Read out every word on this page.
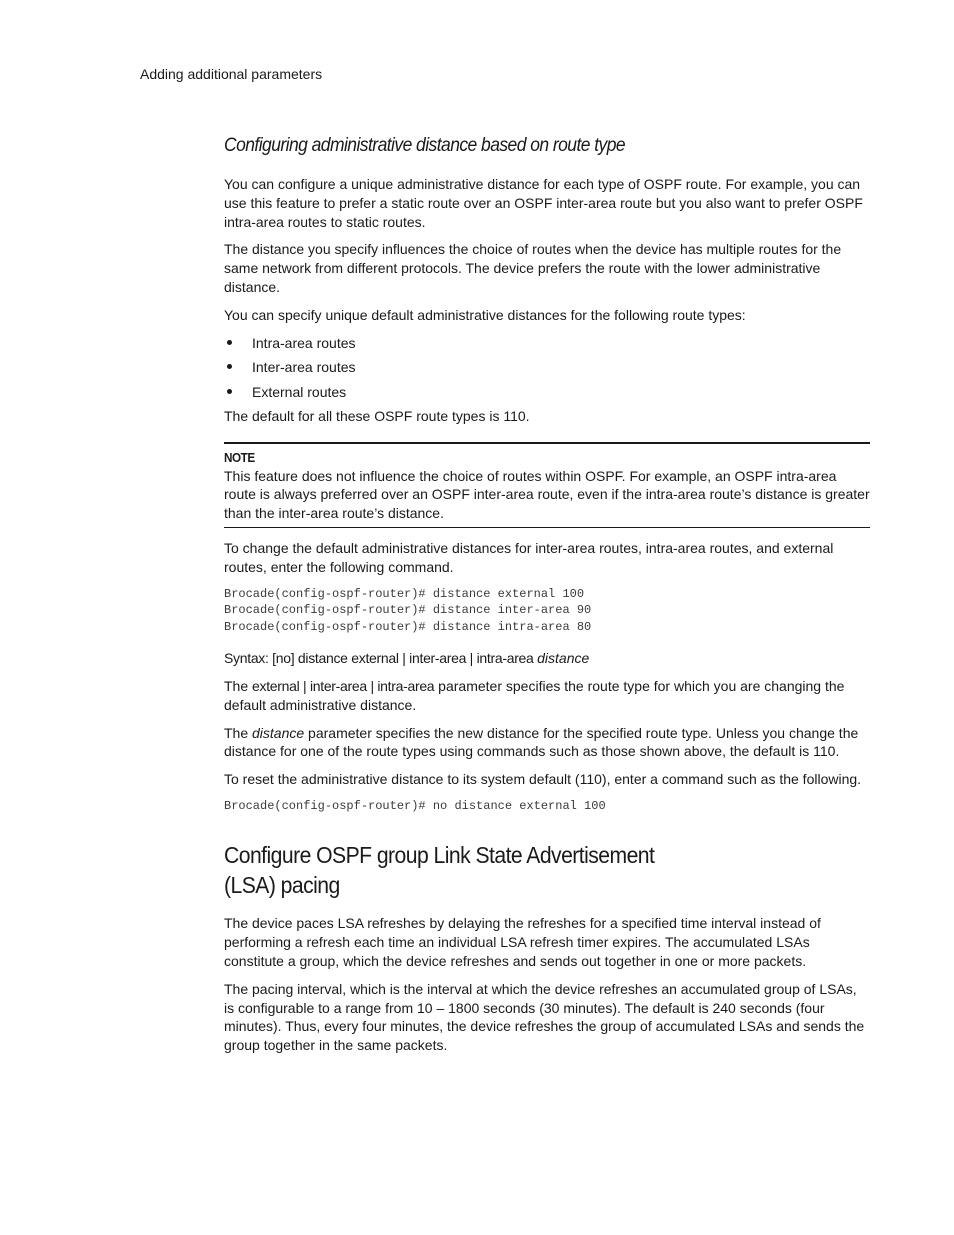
Adding additional parameters
Configuring administrative distance based on route type

You can configure a unique administrative distance for each type of OSPF route. For example, you can use this feature to prefer a static route over an OSPF inter-area route but you also want to prefer OSPF intra-area routes to static routes.

The distance you specify influences the choice of routes when the device has multiple routes for the same network from different protocols. The device prefers the route with the lower administrative distance.

You can specify unique default administrative distances for the following route types:

Intra-area routes
Inter-area routes
External routes

The default for all these OSPF route types is 110.

NOTE

This feature does not influence the choice of routes within OSPF. For example, an OSPF intra-area route is always preferred over an OSPF inter-area route, even if the intra-area route’s distance is greater than the inter-area route’s distance.

To change the default administrative distances for inter-area routes, intra-area routes, and external routes, enter the following command.

Brocade(config-ospf-router)# distance external 100
Brocade(config-ospf-router)# distance inter-area 90
Brocade(config-ospf-router)# distance intra-area 80

Syntax: [no] distance external | inter-area | intra-area distance

The external | inter-area | intra-area parameter specifies the route type for which you are changing the default administrative distance.

The distance parameter specifies the new distance for the specified route type. Unless you change the distance for one of the route types using commands such as those shown above, the default is 110.

To reset the administrative distance to its system default (110), enter a command such as the following.

Brocade(config-ospf-router)# no distance external 100
Configure OSPF group Link State Advertisement (LSA) pacing

The device paces LSA refreshes by delaying the refreshes for a specified time interval instead of performing a refresh each time an individual LSA refresh timer expires. The accumulated LSAs constitute a group, which the device refreshes and sends out together in one or more packets.

The pacing interval, which is the interval at which the device refreshes an accumulated group of LSAs, is configurable to a range from 10 – 1800 seconds (30 minutes). The default is 240 seconds (four minutes). Thus, every four minutes, the device refreshes the group of accumulated LSAs and sends the group together in the same packets.
